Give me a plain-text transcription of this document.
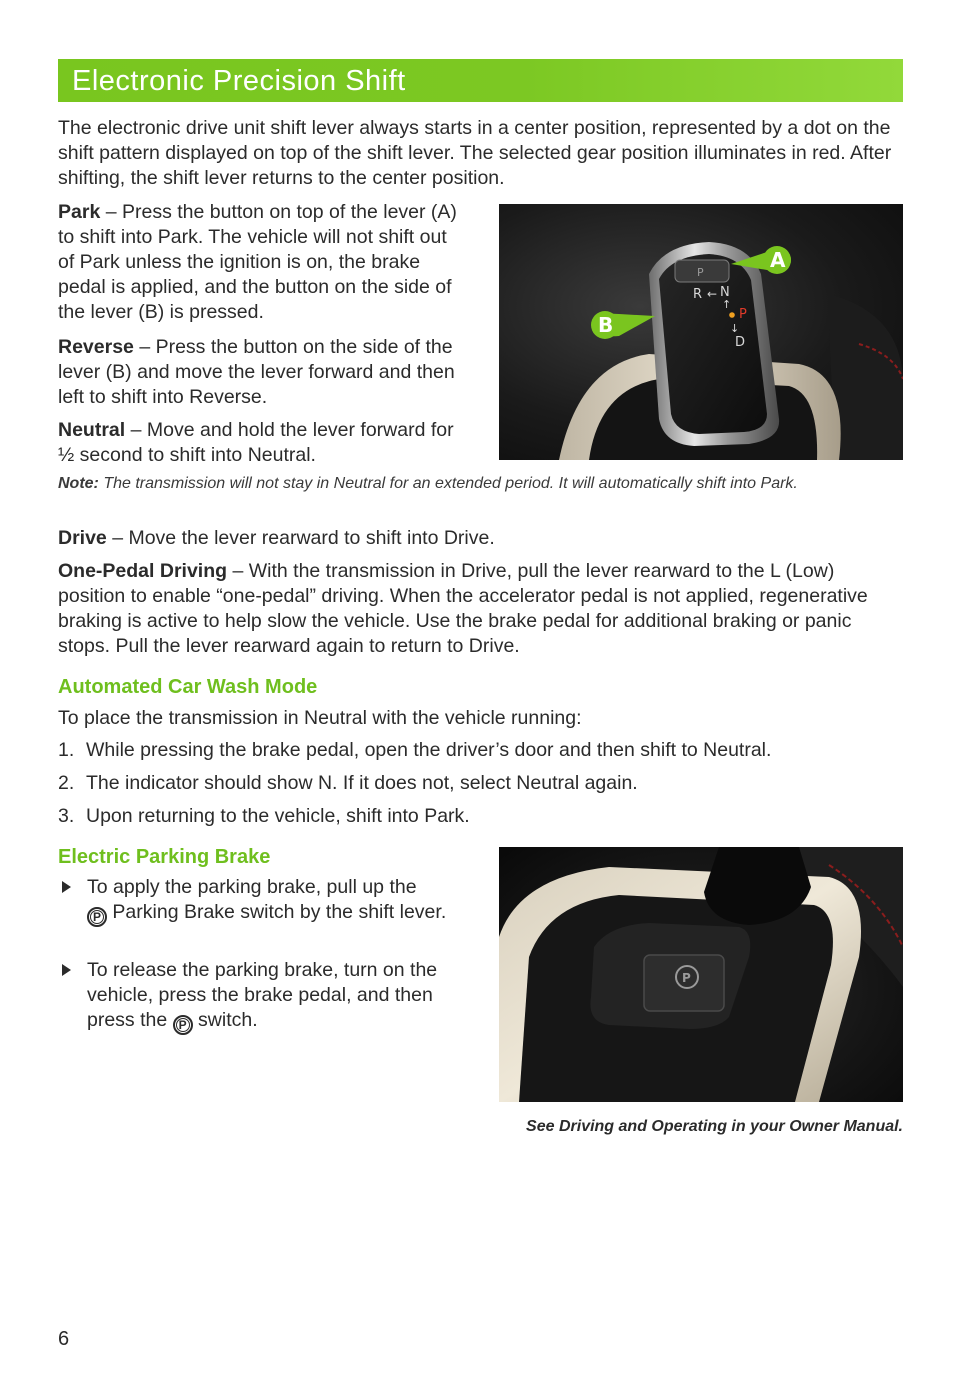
Electronic Precision Shift
The electronic drive unit shift lever always starts in a center position, represented by a dot on the shift pattern displayed on top of the shift lever. The selected gear position illuminates in red. After shifting, the shift lever returns to the center position.
Park – Press the button on top of the lever (A) to shift into Park. The vehicle will not shift out of Park unless the ignition is on, the brake pedal is applied, and the button on the side of the lever (B) is pressed.
Reverse – Press the button on the side of the lever (B) and move the lever forward and then left to shift into Reverse.
Neutral – Move and hold the lever forward for ½ second to shift into Neutral.
P
R ← N
↑
P
↓
D
A
B
Note: The transmission will not stay in Neutral for an extended period. It will automatically shift into Park.
Drive – Move the lever rearward to shift into Drive.
One-Pedal Driving – With the transmission in Drive, pull the lever rearward to the L (Low) position to enable “one-pedal” driving. When the accelerator pedal is not applied, regenerative braking is active to help slow the vehicle. Use the brake pedal for additional braking or panic stops. Pull the lever rearward again to return to Drive.
Automated Car Wash Mode
To place the transmission in Neutral with the vehicle running:
1. While pressing the brake pedal, open the driver’s door and then shift to Neutral.
2. The indicator should show N. If it does not, select Neutral again.
3. Upon returning to the vehicle, shift into Park.
Electric Parking Brake
To apply the parking brake, pull up the
P Parking Brake switch by the shift lever.
To release the parking brake, turn on the vehicle, press the brake pedal, and then press the P switch.
P
See Driving and Operating in your Owner Manual.
6
